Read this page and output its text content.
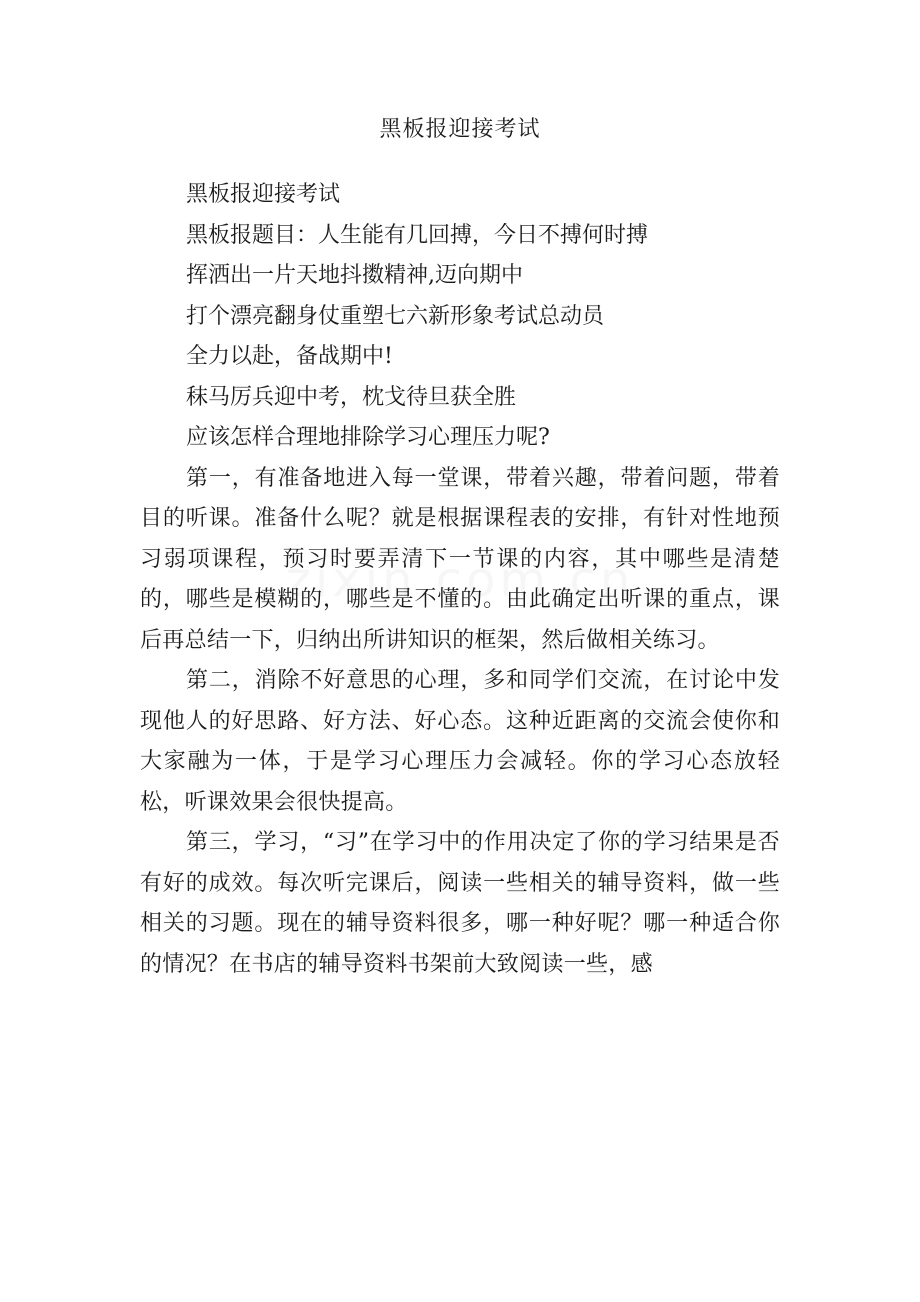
黑板报迎接考试

黑板报迎接考试

黑板报题目：人生能有几回搏，今日不搏何时搏

挥洒出一片天地抖擞精神,迈向期中

打个漂亮翻身仗重塑七六新形象考试总动员

全力以赴，备战期中!

秣马厉兵迎中考，枕戈待旦获全胜

应该怎样合理地排除学习心理压力呢?

第一，有准备地进入每一堂课，带着兴趣，带着问题，带着目的听课。准备什么呢？就是根据课程表的安排，有针对性地预习弱项课程，预习时要弄清下一节课的内容，其中哪些是清楚的，哪些是模糊的，哪些是不懂的。由此确定出听课的重点，课后再总结一下，归纳出所讲知识的框架，然后做相关练习。

第二，消除不好意思的心理，多和同学们交流，在讨论中发现他人的好思路、好方法、好心态。这种近距离的交流会使你和大家融为一体，于是学习心理压力会减轻。你的学习心态放轻松，听课效果会很快提高。

第三，学习，“习”在学习中的作用决定了你的学习结果是否有好的成效。每次听完课后，阅读一些相关的辅导资料，做一些相关的习题。现在的辅导资料很多，哪一种好呢？哪一种适合你的情况？在书店的辅导资料书架前大致阅读一些，感
